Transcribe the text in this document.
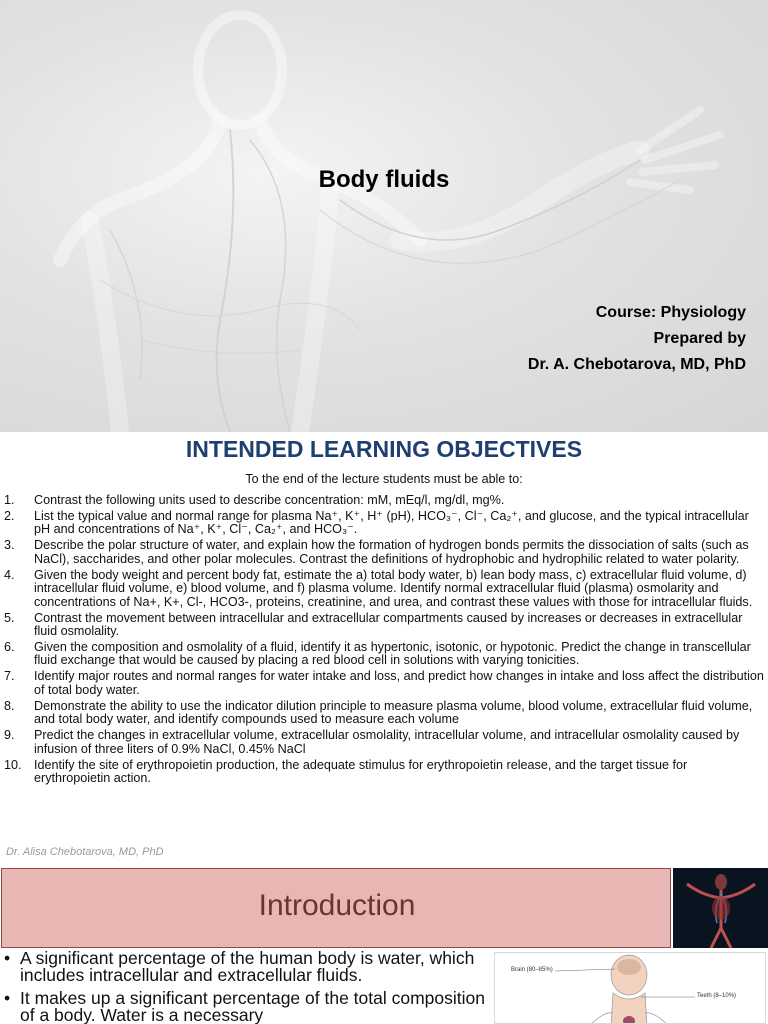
Body fluids
Course: Physiology
Prepared by
Dr. A. Chebotarova, MD, PhD
INTENDED LEARNING OBJECTIVES
To the end of the lecture students must be able to:
1. Contrast the following units used to describe concentration: mM, mEq/l, mg/dl, mg%.
2. List the typical value and normal range for plasma Na⁺, K⁺, H⁺ (pH), HCO₃⁻, Cl⁻, Ca₂⁺, and glucose, and the typical intracellular pH and concentrations of Na⁺, K⁺, Cl⁻, Ca₂⁺, and HCO₃⁻.
3. Describe the polar structure of water, and explain how the formation of hydrogen bonds permits the dissociation of salts (such as NaCl), saccharides, and other polar molecules. Contrast the definitions of hydrophobic and hydrophilic related to water polarity.
4. Given the body weight and percent body fat, estimate the a) total body water, b) lean body mass, c) extracellular fluid volume, d) intracellular fluid volume, e) blood volume, and f) plasma volume. Identify normal extracellular fluid (plasma) osmolarity and concentrations of Na+, K+, Cl-, HCO3-, proteins, creatinine, and urea, and contrast these values with those for intracellular fluids.
5. Contrast the movement between intracellular and extracellular compartments caused by increases or decreases in extracellular fluid osmolality.
6. Given the composition and osmolality of a fluid, identify it as hypertonic, isotonic, or hypotonic. Predict the change in transcellular fluid exchange that would be caused by placing a red blood cell in solutions with varying tonicities.
7. Identify major routes and normal ranges for water intake and loss, and predict how changes in intake and loss affect the distribution of total body water.
8. Demonstrate the ability to use the indicator dilution principle to measure plasma volume, blood volume, extracellular fluid volume, and total body water, and identify compounds used to measure each volume
9. Predict the changes in extracellular volume, extracellular osmolality, intracellular volume, and intracellular osmolality caused by infusion of three liters of 0.9% NaCl, 0.45% NaCl
10. Identify the site of erythropoietin production, the adequate stimulus for erythropoietin release, and the target tissue for erythropoietin action.
Dr. Alisa Chebotarova, MD, PhD
Introduction
• A significant percentage of the human body is water, which includes intracellular and extracellular fluids.
• It makes up a significant percentage of the total composition of a body. Water is a necessary
Brain (80–85%)
Teeth (8–10%)
